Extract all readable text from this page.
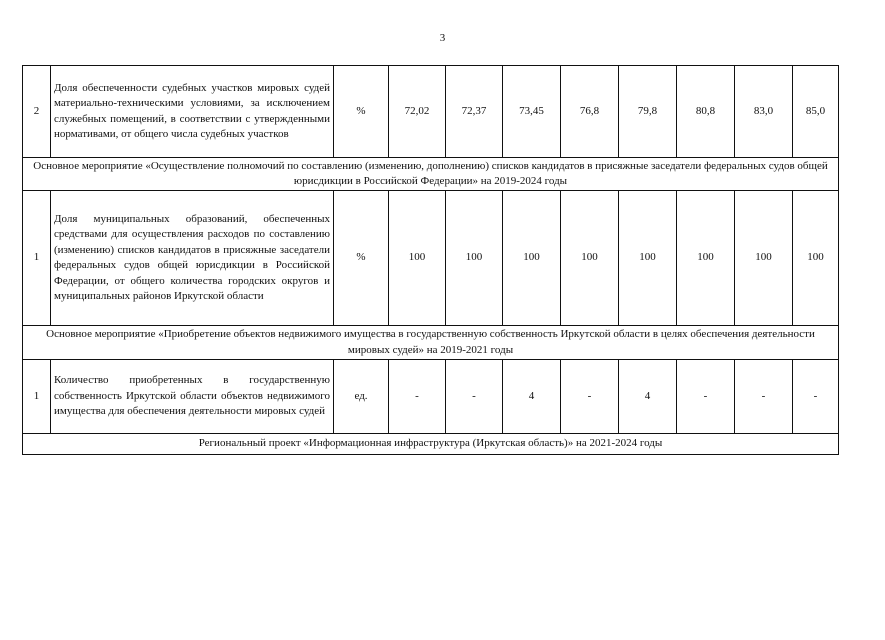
3
2	Доля обеспеченности судебных участков мировых судей материально-техническими условиями, за исключением служебных помещений, в соответствии с утвержденными нормативами, от общего числа судебных участков	%	72,02	72,37	73,45	76,8	79,8	80,8	83,0	85,0
Основное мероприятие «Осуществление полномочий по составлению (изменению, дополнению) списков кандидатов в присяжные заседатели федеральных судов общей юрисдикции в Российской Федерации» на 2019-2024 годы										
1	Доля муниципальных образований, обеспеченных средствами для осуществления расходов по составлению (изменению) списков кандидатов в присяжные заседатели федеральных судов общей юрисдикции в Российской Федерации, от общего количества городских округов и муниципальных районов Иркутской области	%	100	100	100	100	100	100	100	100
Основное мероприятие «Приобретение объектов недвижимого имущества в государственную собственность Иркутской области в целях обеспечения деятельности мировых судей» на 2019-2021 годы										
1	Количество приобретенных в государственную собственность Иркутской области объектов недвижимого имущества для обеспечения деятельности мировых судей	ед.	-	-	4	-	4	-	-	-
Региональный проект «Информационная инфраструктура (Иркутская область)» на 2021-2024 годы										
